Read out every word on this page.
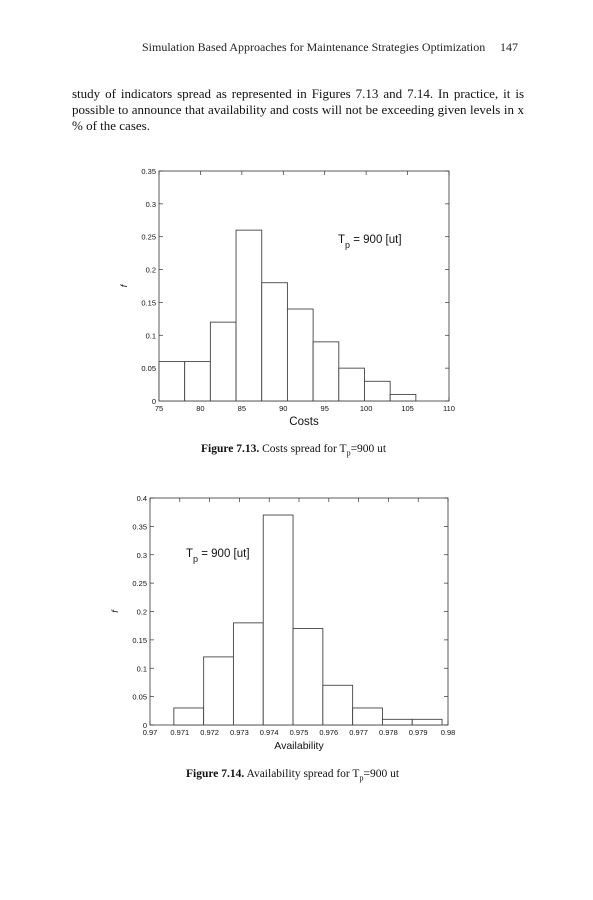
Simulation Based Approaches for Maintenance Strategies Optimization 147
study of indicators spread as represented in Figures 7.13 and 7.14. In practice, it is possible to announce that availability and costs will not be exceeding given levels in x % of the cases.
0
0.05
0.1
0.15
0.2
0.25
0.3
0.35
75	80	85	90	95	100	105	110
Costs
f
$T_p = 900$ [ut]
Figure 7.13. Costs spread for $T_p=900$ ut
0
0.05
0.1
0.15
0.2
0.25
0.3
0.35
0.4
0.97 0.971 0.972 0.973 0.974 0.975 0.976 0.977 0.978 0.979 0.98
Availability
f
$T_p = 900$ [ut]
Figure 7.14. Availability spread for $T_p=900$ ut
